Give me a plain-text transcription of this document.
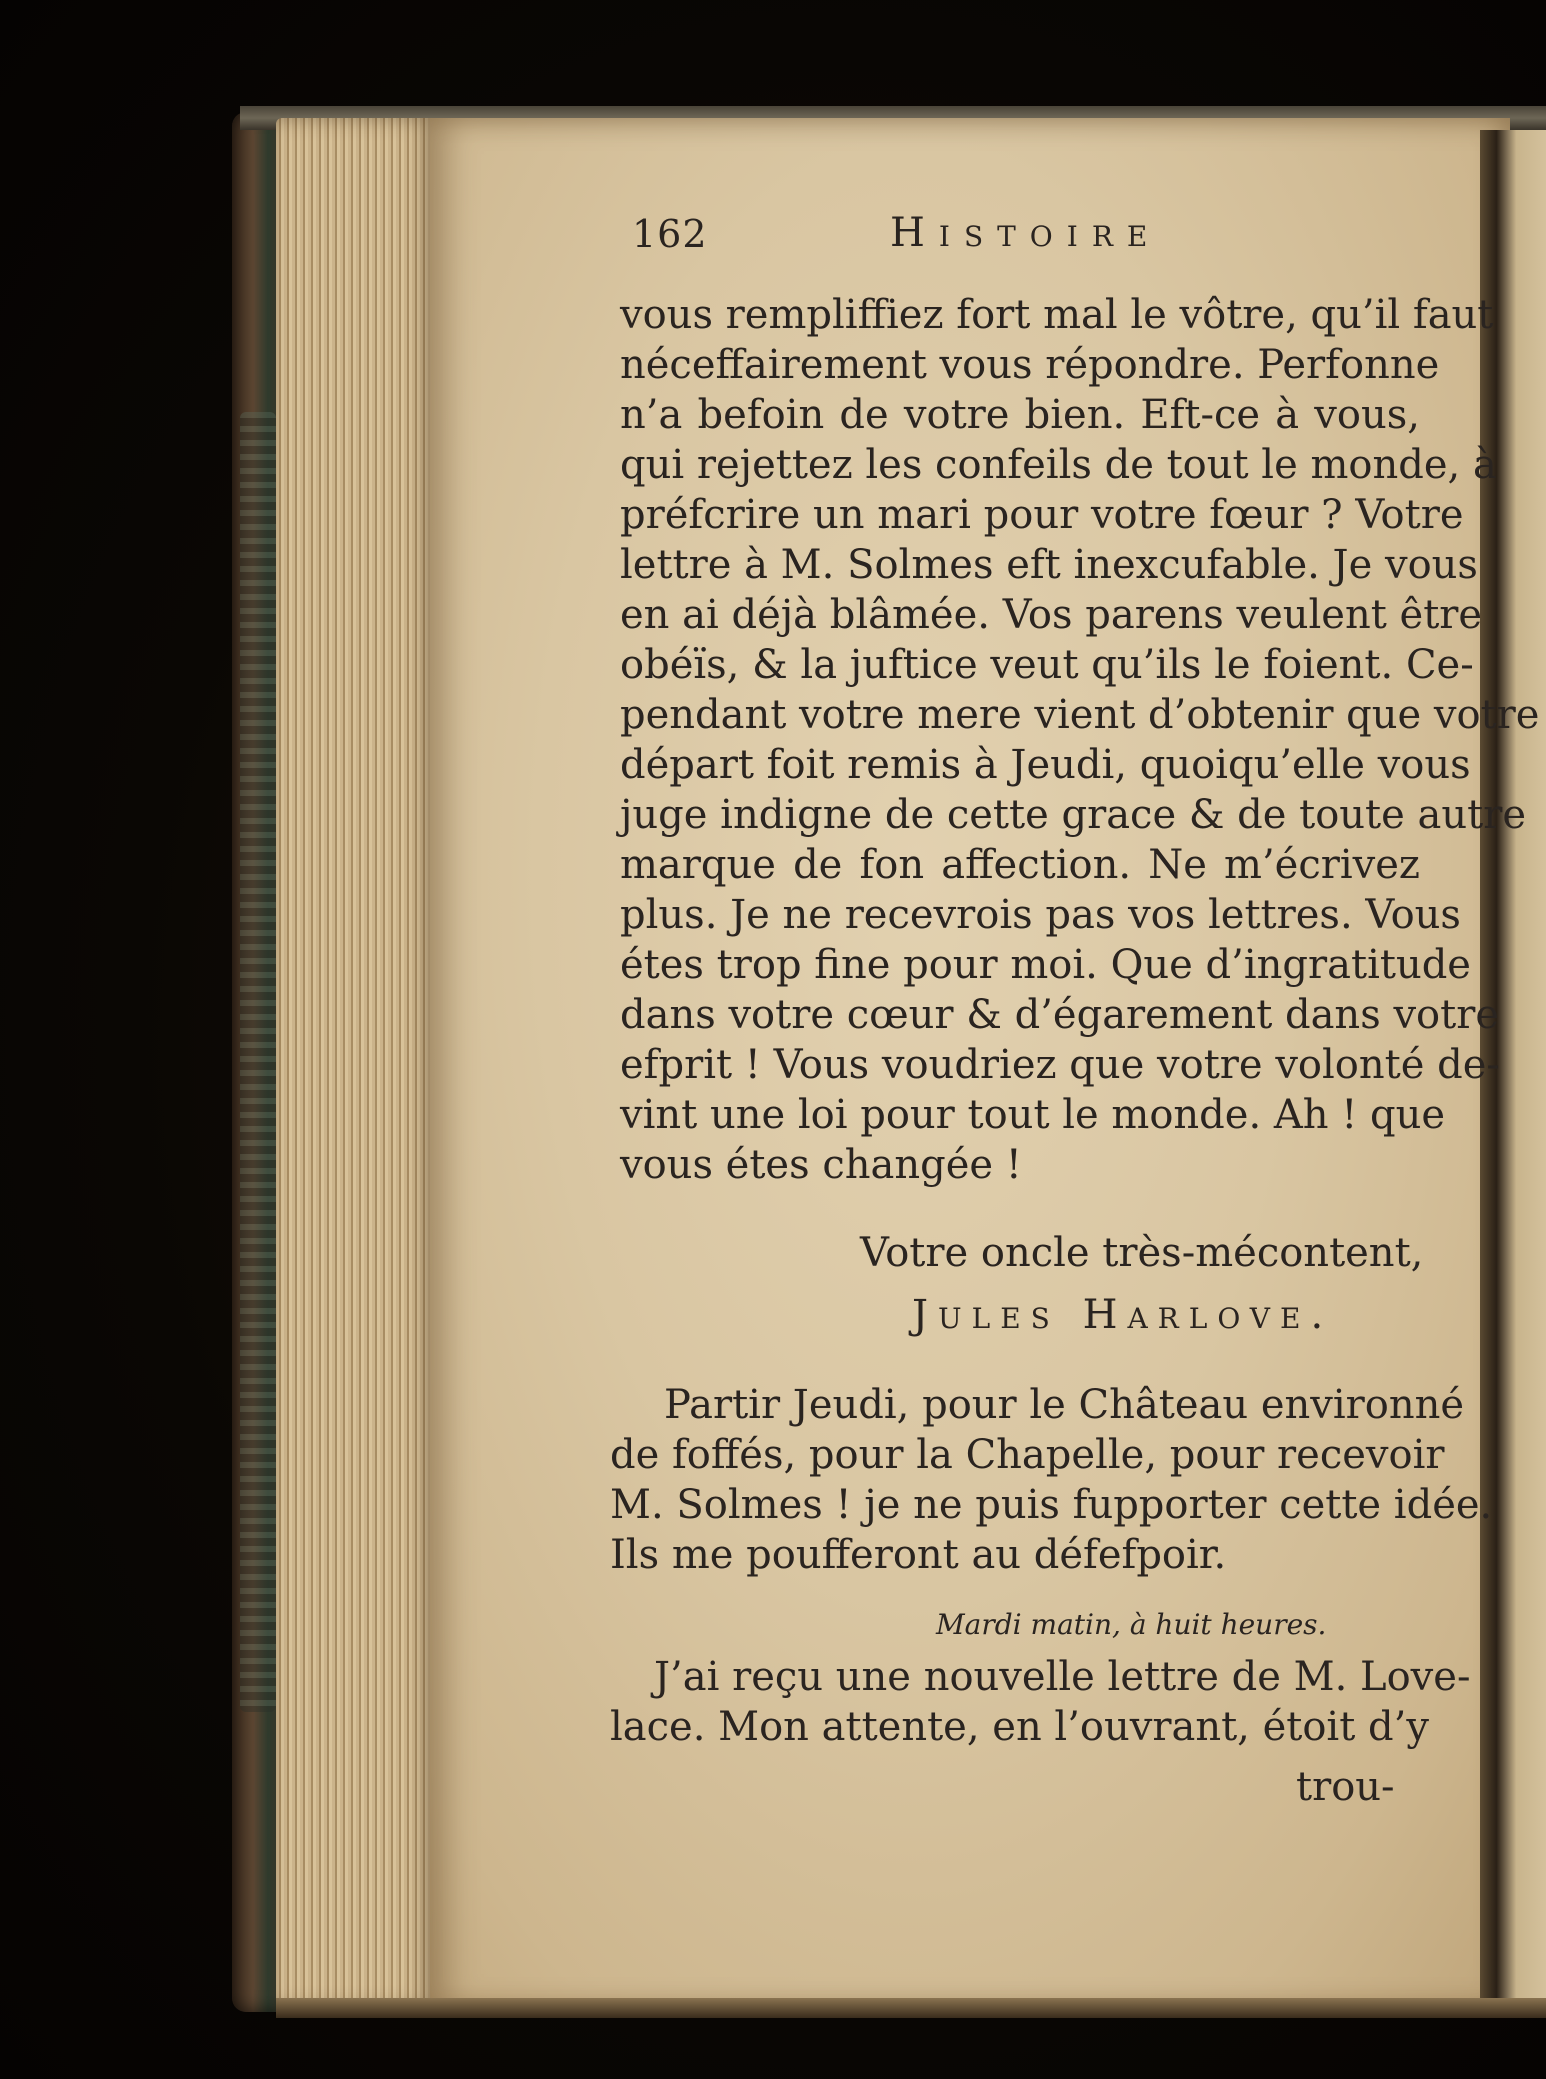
162	Histoire
vous rempliffiez fort mal le vôtre, qu’il faut
néceffairement vous répondre. Perfonne
n’a befoin de votre bien. Eft-ce à vous,
qui rejettez les confeils de tout le monde, à
préfcrire un mari pour votre fœur ? Votre
lettre à M. Solmes eft inexcufable. Je vous
en ai déjà blâmée. Vos parens veulent être
obéïs, & la juftice veut qu’ils le foient. Ce-
pendant votre mere vient d’obtenir que votre
départ foit remis à Jeudi, quoiqu’elle vous
juge indigne de cette grace & de toute autre
marque de fon affection. Ne m’écrivez
plus. Je ne recevrois pas vos lettres. Vous
étes trop fine pour moi. Que d’ingratitude
dans votre cœur & d’égarement dans votre
efprit ! Vous voudriez que votre volonté de-
vint une loi pour tout le monde. Ah ! que
vous étes changée !
Votre oncle très-mécontent,
Jules Harlove.
Partir Jeudi, pour le Château environné
de foffés, pour la Chapelle, pour recevoir
M. Solmes ! je ne puis fupporter cette idée.
Ils me poufferont au défefpoir.
Mardi matin, à huit heures.
J’ai reçu une nouvelle lettre de M. Love-
lace. Mon attente, en l’ouvrant, étoit d’y
trou-
